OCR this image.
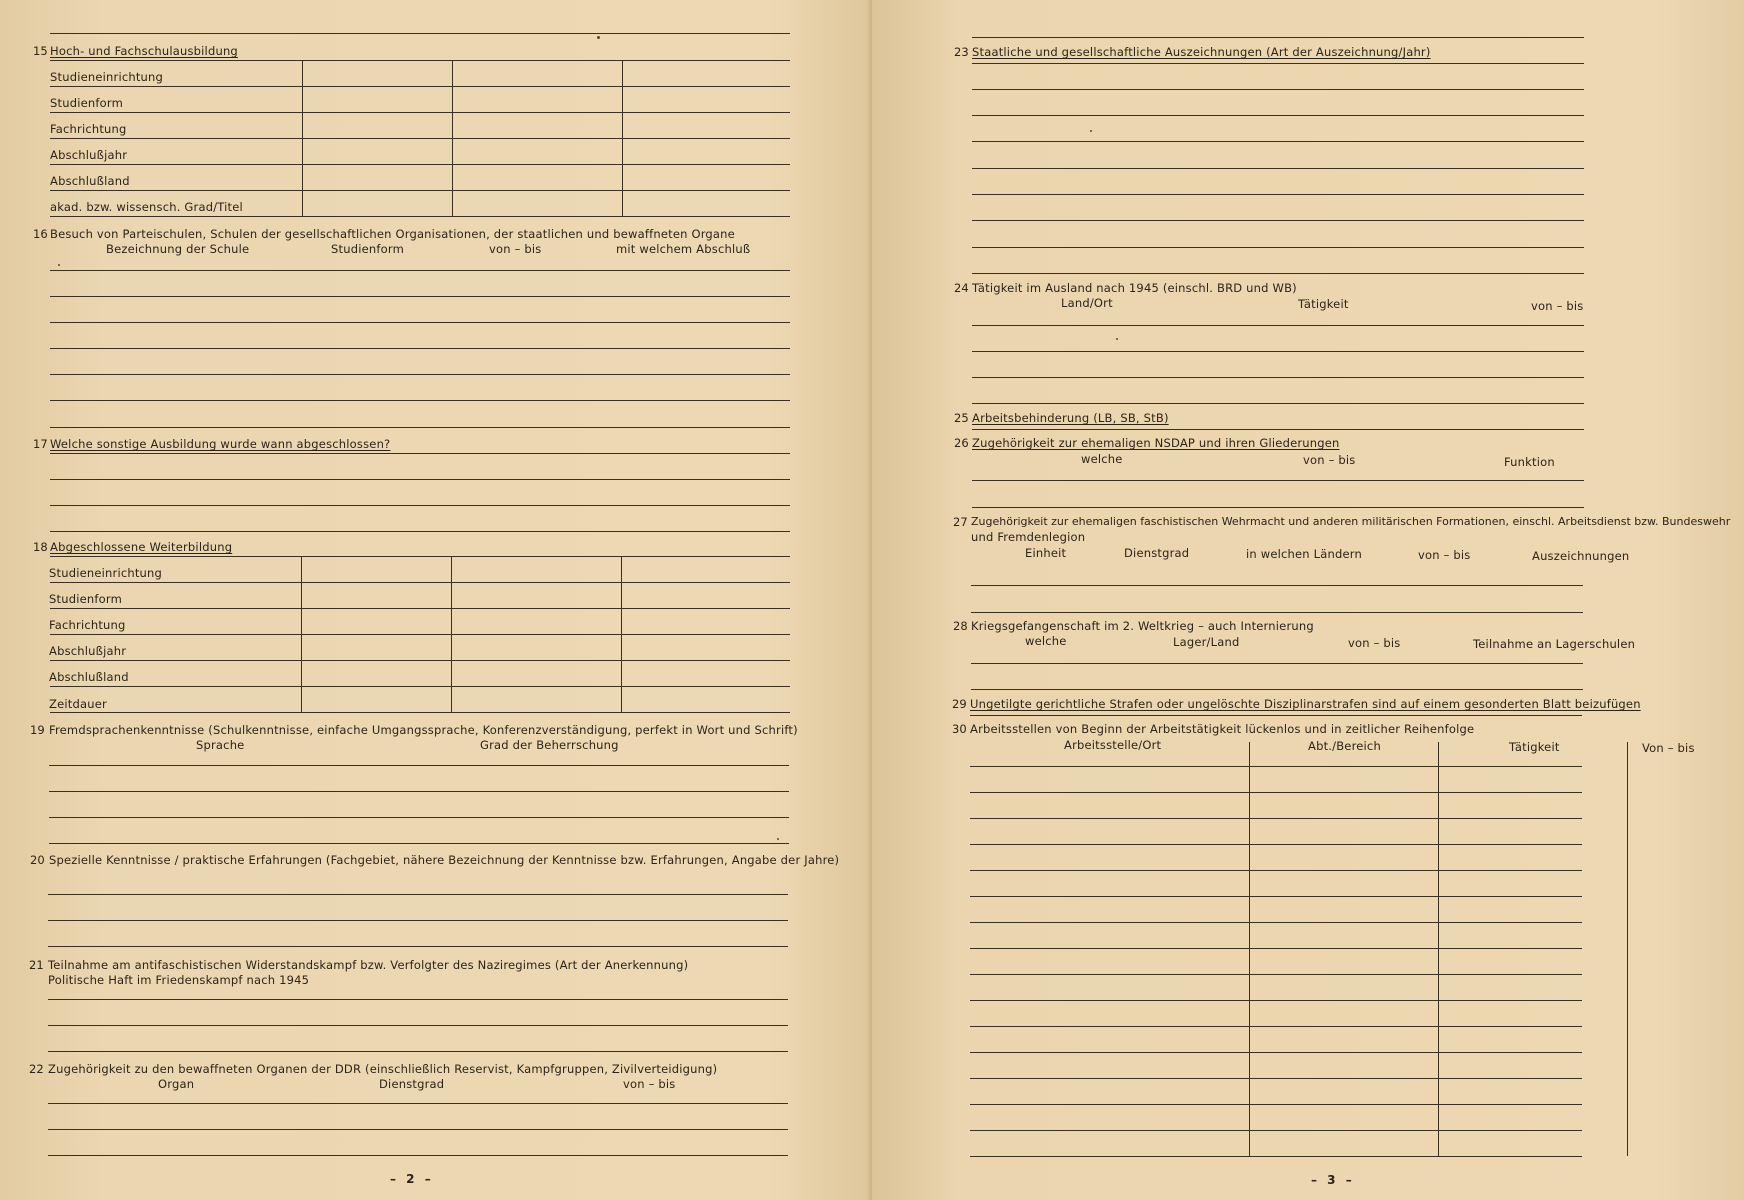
15 Hoch- und Fachschulausbildung
Studieneinrichtung
Studienform
Fachrichtung
Abschlußjahr
Abschlußland
akad. bzw. wissensch. Grad/Titel
16 Besuch von Parteischulen, Schulen der gesellschaftlichen Organisationen, der staatlichen und bewaffneten Organe
Bezeichnung der Schule	Studienform	von – bis	mit welchem Abschluß
17 Welche sonstige Ausbildung wurde wann abgeschlossen?
18 Abgeschlossene Weiterbildung
Studieneinrichtung
Studienform
Fachrichtung
Abschlußjahr
Abschlußland
Zeitdauer
19 Fremdsprachenkenntnisse (Schulkenntnisse, einfache Umgangssprache, Konferenzverständigung, perfekt in Wort und Schrift)
Sprache	Grad der Beherrschung
20 Spezielle Kenntnisse / praktische Erfahrungen (Fachgebiet, nähere Bezeichnung der Kenntnisse bzw. Erfahrungen, Angabe der Jahre)
21 Teilnahme am antifaschistischen Widerstandskampf bzw. Verfolgter des Naziregimes (Art der Anerkennung)
Politische Haft im Friedenskampf nach 1945
22 Zugehörigkeit zu den bewaffneten Organen der DDR (einschließlich Reservist, Kampfgruppen, Zivilverteidigung)
Organ	Dienstgrad	von – bis
– 2 –
23 Staatliche und gesellschaftliche Auszeichnungen (Art der Auszeichnung/Jahr)
24 Tätigkeit im Ausland nach 1945 (einschl. BRD und WB)
Land/Ort	Tätigkeit	von – bis
25 Arbeitsbehinderung (LB, SB, StB)
26 Zugehörigkeit zur ehemaligen NSDAP und ihren Gliederungen
welche	von – bis	Funktion
27 Zugehörigkeit zur ehemaligen faschistischen Wehrmacht und anderen militärischen Formationen, einschl. Arbeitsdienst bzw. Bundeswehr
und Fremdenlegion
Einheit	Dienstgrad	in welchen Ländern	von – bis	Auszeichnungen
28 Kriegsgefangenschaft im 2. Weltkrieg – auch Internierung
welche	Lager/Land	von – bis	Teilnahme an Lagerschulen
29 Ungetilgte gerichtliche Strafen oder ungelöschte Disziplinarstrafen sind auf einem gesonderten Blatt beizufügen
30 Arbeitsstellen von Beginn der Arbeitstätigkeit lückenlos und in zeitlicher Reihenfolge
Arbeitsstelle/Ort	Abt./Bereich	Tätigkeit	Von – bis
– 3 –
